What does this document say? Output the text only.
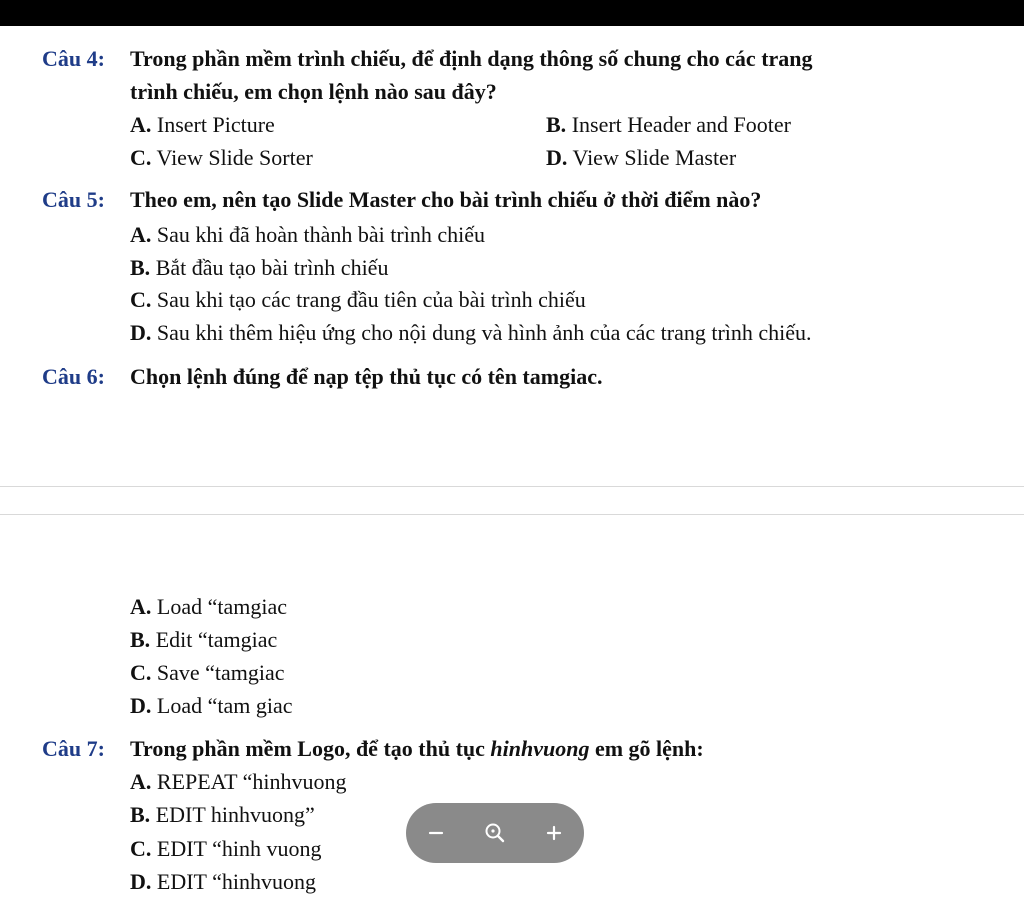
Câu 4: Trong phần mềm trình chiếu, để định dạng thông số chung cho các trang
trình chiếu, em chọn lệnh nào sau đây?
A. Insert Picture	B. Insert Header and Footer
C. View Slide Sorter	D. View Slide Master
Câu 5: Theo em, nên tạo Slide Master cho bài trình chiếu ở thời điểm nào?
A. Sau khi đã hoàn thành bài trình chiếu
B. Bắt đầu tạo bài trình chiếu
C. Sau khi tạo các trang đầu tiên của bài trình chiếu
D. Sau khi thêm hiệu ứng cho nội dung và hình ảnh của các trang trình chiếu.
Câu 6: Chọn lệnh đúng để nạp tệp thủ tục có tên tamgiac.
A. Load “tamgiac
B. Edit “tamgiac
C. Save “tamgiac
D. Load “tam giac
Câu 7: Trong phần mềm Logo, để tạo thủ tục hinhvuong em gõ lệnh:
A. REPEAT “hinhvuong
B. EDIT hinhvuong”
C. EDIT “hinh vuong
D. EDIT “hinhvuong
